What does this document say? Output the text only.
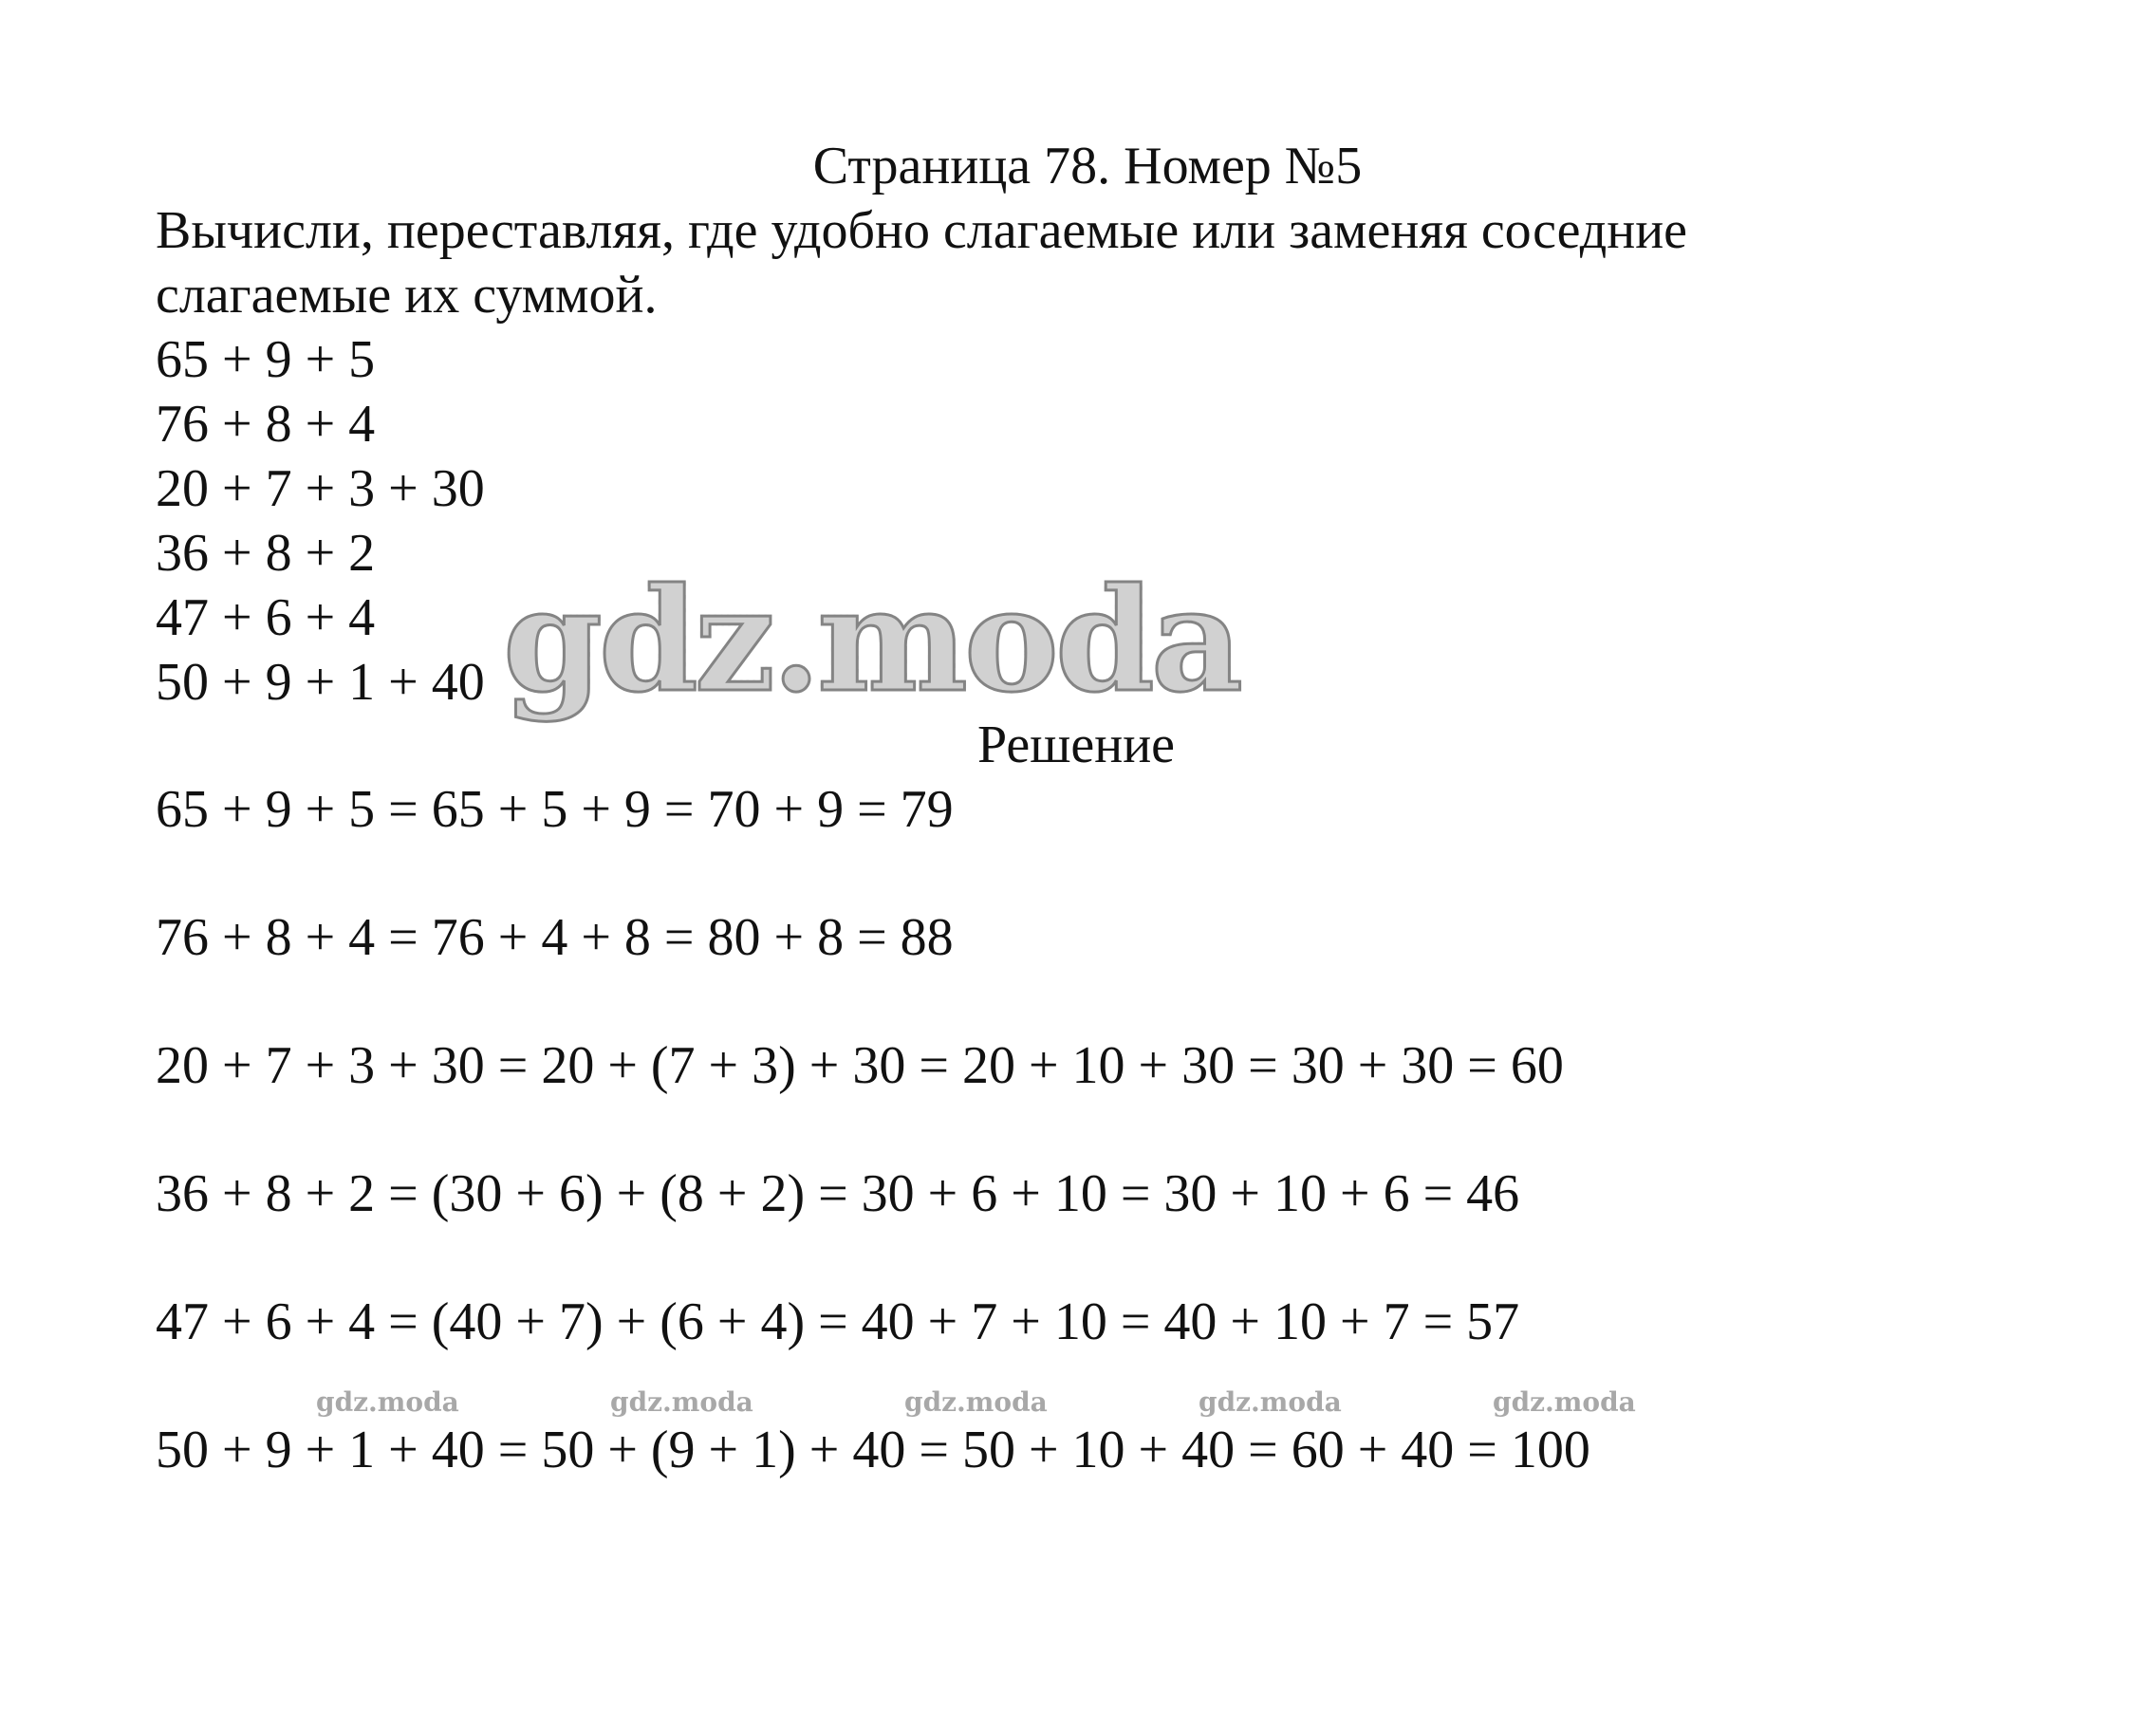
Страница 78. Номер №5
Вычисли, переставляя, где удобно слагаемые или заменяя соседние
слагаемые их суммой.
65 + 9 + 5
76 + 8 + 4
20 + 7 + 3 + 30
36 + 8 + 2
47 + 6 + 4
50 + 9 + 1 + 40 gdz.moda
Решение
65 + 9 + 5 = 65 + 5 + 9 = 70 + 9 = 79
76 + 8 + 4 = 76 + 4 + 8 = 80 + 8 = 88
20 + 7 + 3 + 30 = 20 + (7 + 3) + 30 = 20 + 10 + 30 = 30 + 30 = 60
36 + 8 + 2 = (30 + 6) + (8 + 2) = 30 + 6 + 10 = 30 + 10 + 6 = 46
47 + 6 + 4 = (40 + 7) + (6 + 4) = 40 + 7 + 10 = 40 + 10 + 7 = 57
gdz.moda	gdz.moda	gdz.moda	gdz.moda	gdz.moda
50 + 9 + 1 + 40 = 50 + (9 + 1) + 40 = 50 + 10 + 40 = 60 + 40 = 100
